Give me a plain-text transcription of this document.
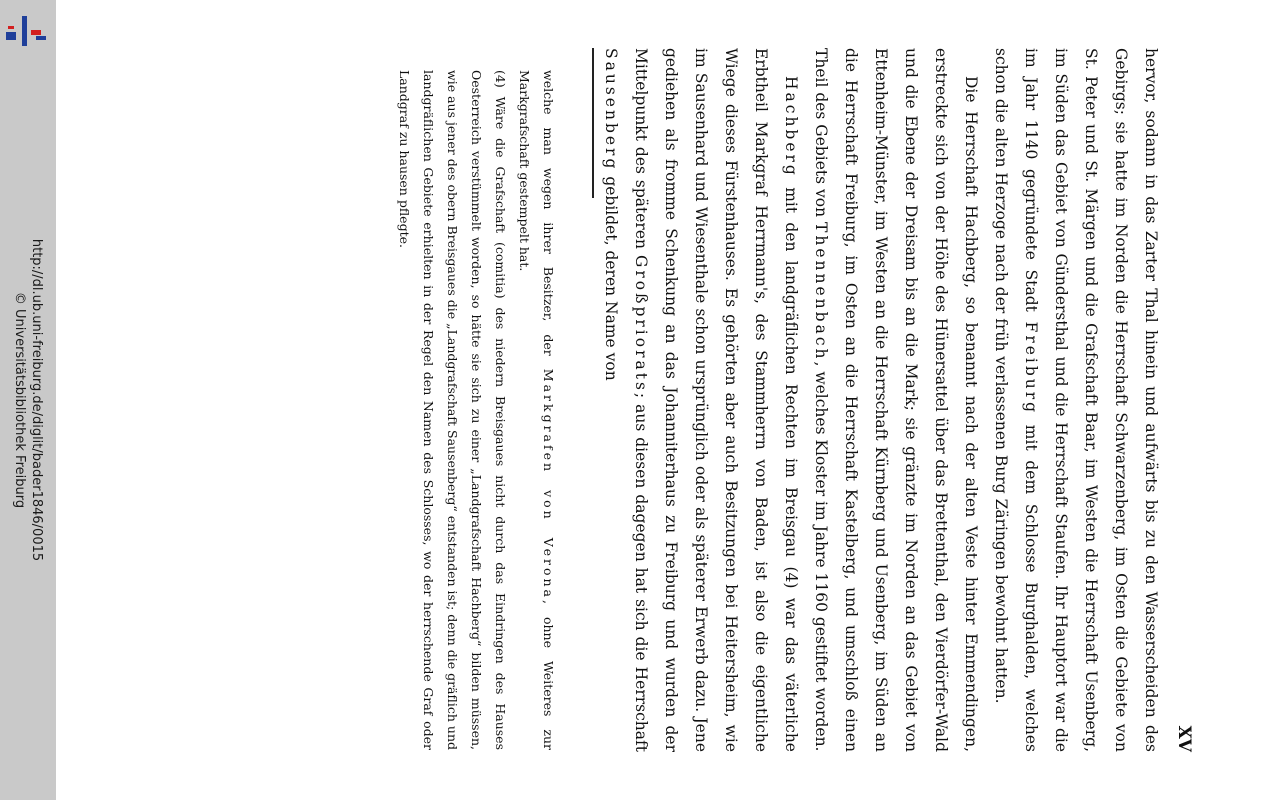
http://dl.ub.uni-freiburg.de/diglit/bader1846/0015
© Universitätsbibliothek Freiburg
XV

hervor, sodann in das Zarter Thal hinein und aufwärts bis zu den Wasserscheiden des Gebirgs; sie hatte im Norden die Herrschaft Schwarzenberg, im Osten die Gebiete von St. Peter und St. Märgen und die Grafschaft Baar, im Westen die Herrschaft Usenberg, im Süden das Gebiet von Gündersthal und die Herrschaft Staufen. Ihr Hauptort war die im Jahr 1140 gegründete Stadt Freiburg mit dem Schlosse Burghalden, welches schon die alten Herzoge nach der früh verlassenen Burg Zäringen bewohnt hatten.

Die Herrschaft Hachberg, so benannt nach der alten Veste hinter Emmendingen, erstreckte sich von der Höhe des Hünersattel über das Brettenthal, den Vierdörfer-Wald und die Ebene der Dreisam bis an die Mark; sie gränzte im Norden an das Gebiet von Ettenheim-Münster, im Westen an die Herrschaft Kürnberg und Usenberg, im Süden an die Herrschaft Freiburg, im Osten an die Herrschaft Kastelberg, und umschloß einen Theil des Gebiets von Thennenbach, welches Kloster im Jahre 1160 gestiftet worden.

Hachberg mit den landgräflichen Rechten im Breisgau (4) war das väterliche Erbtheil Markgraf Herrmann's, des Stammherrn von Baden, ist also die eigentliche Wiege dieses Fürstenhauses. Es gehörten aber auch Besitzungen bei Heitersheim, wie im Sausenhard und Wiesenthale schon ursprünglich oder als späterer Erwerb dazu. Jene gediehen als fromme Schenkung an das Johanniterhaus zu Freiburg und wurden der Mittelpunkt des späteren Großpriorats; aus diesen dagegen hat sich die Herrschaft Sausenberg gebildet, deren Name von

welche man wegen ihrer Besitzer, der Markgrafen von Verona, ohne Weiteres zur Markgrafschaft gestempelt hat.

(4) Wäre die Grafschaft (comitia) des niedern Breisgaues nicht durch das Eindringen des Hauses Oesterreich verstümmelt worden, so hätte sie sich zu einer „Landgrafschaft Hachberg“ bilden müssen, wie aus jener des obern Breisgaues die „Landgrafschaft Sausenberg“ entstanden ist; denn die gräflich und landgräflichen Gebiete erhielten in der Regel den Namen des Schlosses, wo der herrschende Graf oder Landgraf zu hausen pflegte.
